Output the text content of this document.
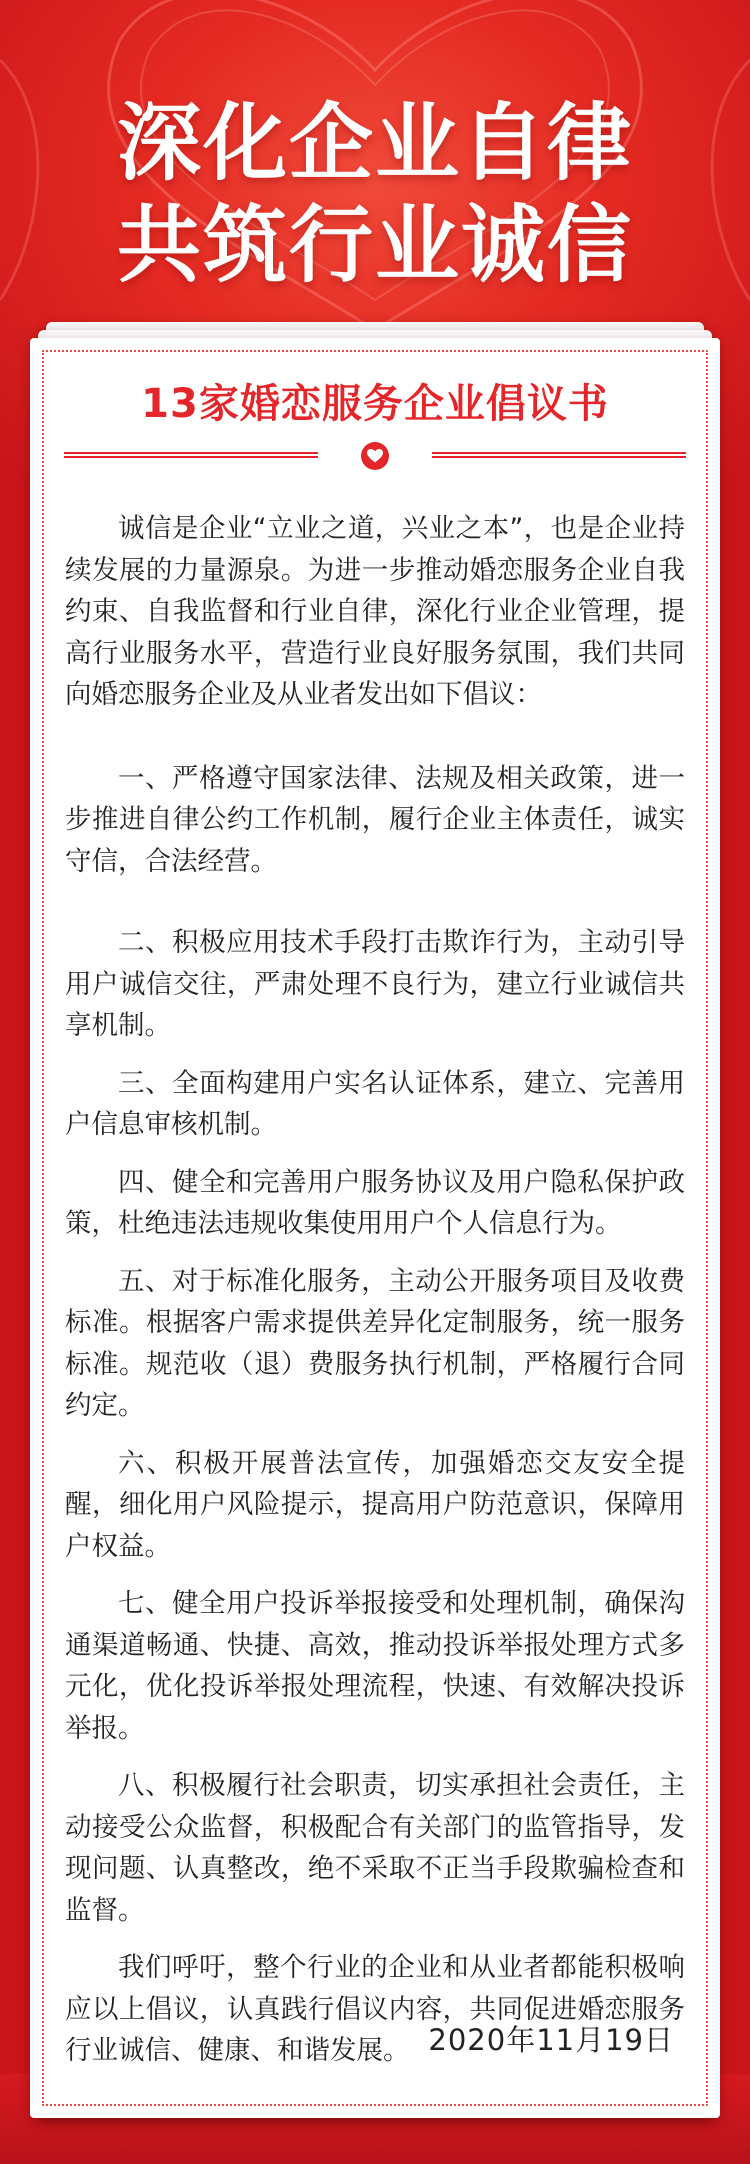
深化企业自律
共筑行业诚信
13家婚恋服务企业倡议书

诚信是企业“立业之道，兴业之本”，也是企业持续发展的力量源泉。为进一步推动婚恋服务企业自我约束、自我监督和行业自律，深化行业企业管理，提高行业服务水平，营造行业良好服务氛围，我们共同向婚恋服务企业及从业者发出如下倡议：

一、严格遵守国家法律、法规及相关政策，进一步推进自律公约工作机制，履行企业主体责任，诚实守信，合法经营。

二、积极应用技术手段打击欺诈行为，主动引导用户诚信交往，严肃处理不良行为，建立行业诚信共享机制。

三、全面构建用户实名认证体系，建立、完善用户信息审核机制。

四、健全和完善用户服务协议及用户隐私保护政策，杜绝违法违规收集使用用户个人信息行为。

五、对于标准化服务，主动公开服务项目及收费标准。根据客户需求提供差异化定制服务，统一服务标准。规范收（退）费服务执行机制，严格履行合同约定。

六、积极开展普法宣传，加强婚恋交友安全提醒，细化用户风险提示，提高用户防范意识，保障用户权益。

七、健全用户投诉举报接受和处理机制，确保沟通渠道畅通、快捷、高效，推动投诉举报处理方式多元化，优化投诉举报处理流程，快速、有效解决投诉举报。

八、积极履行社会职责，切实承担社会责任，主动接受公众监督，积极配合有关部门的监管指导，发现问题、认真整改，绝不采取不正当手段欺骗检查和监督。

我们呼吁，整个行业的企业和从业者都能积极响应以上倡议，认真践行倡议内容，共同促进婚恋服务行业诚信、健康、和谐发展。 2020年11月19日
